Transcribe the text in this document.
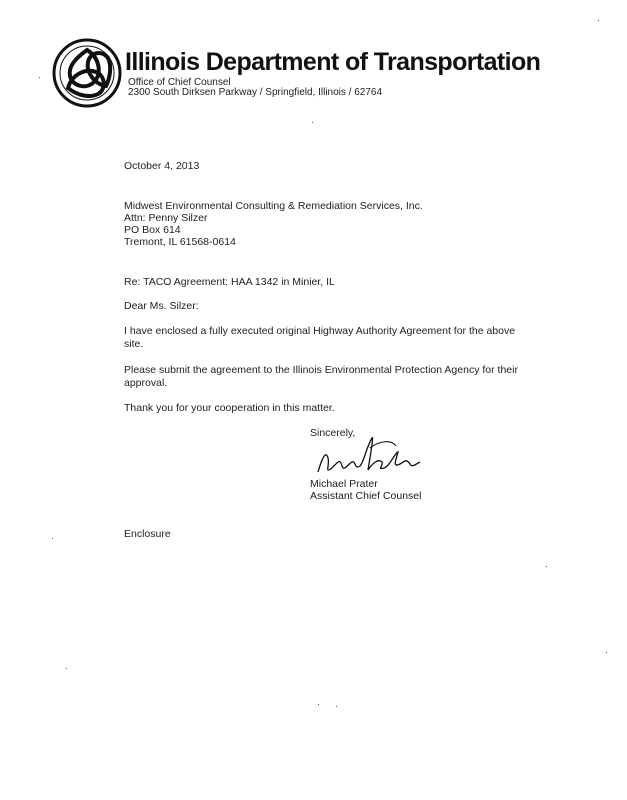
Illinois Department of Transportation
Office of Chief Counsel
2300 South Dirksen Parkway / Springfield, Illinois / 62764
October 4, 2013
Midwest Environmental Consulting & Remediation Services, Inc.
Attn: Penny Silzer
PO Box 614
Tremont, IL 61568-0614
Re: TACO Agreement: HAA 1342 in Minier, IL
Dear Ms. Silzer:
I have enclosed a fully executed original Highway Authority Agreement for the above site.
Please submit the agreement to the Illinois Environmental Protection Agency for their approval.
Thank you for your cooperation in this matter.
Sincerely,
Michael Prater
Assistant Chief Counsel
Enclosure
